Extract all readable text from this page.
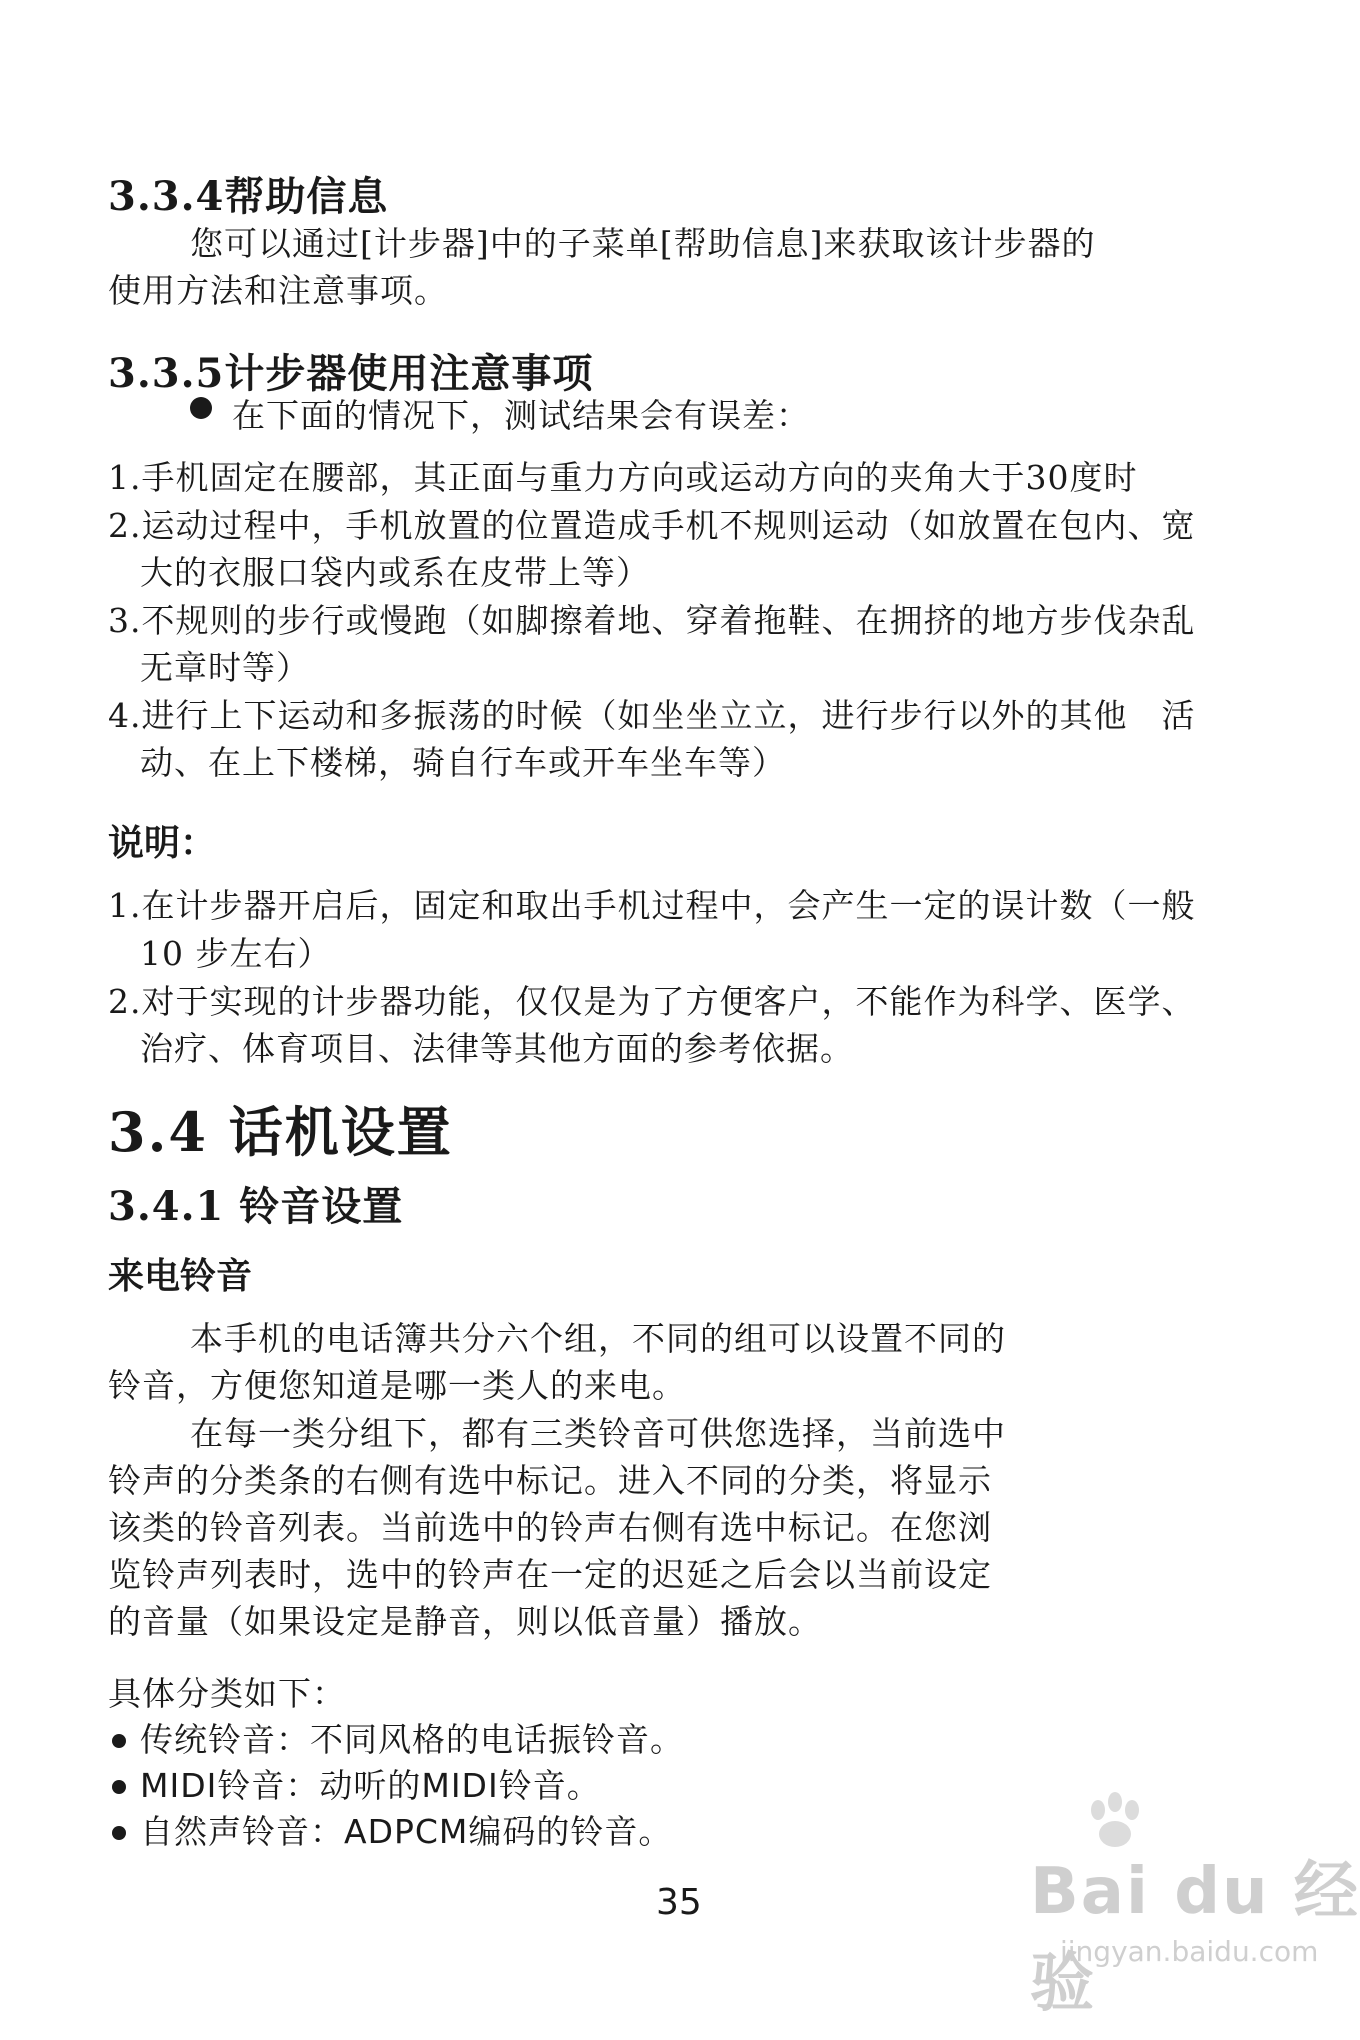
3.3.4帮助信息
您可以通过[计步器]中的子菜单[帮助信息]来获取该计步器的
使用方法和注意事项。
3.3.5计步器使用注意事项
在下面的情况下，测试结果会有误差：
1.手机固定在腰部，其正面与重力方向或运动方向的夹角大于30度时
2.运动过程中，手机放置的位置造成手机不规则运动（如放置在包内、宽
大的衣服口袋内或系在皮带上等）
3.不规则的步行或慢跑（如脚擦着地、穿着拖鞋、在拥挤的地方步伐杂乱
无章时等）
4.进行上下运动和多振荡的时候（如坐坐立立，进行步行以外的其他　活
动、在上下楼梯，骑自行车或开车坐车等）
说明：
1.在计步器开启后，固定和取出手机过程中，会产生一定的误计数（一般
10 步左右）
2.对于实现的计步器功能，仅仅是为了方便客户，不能作为科学、医学、
治疗、体育项目、法律等其他方面的参考依据。
3.4 话机设置
3.4.1 铃音设置
来电铃音
本手机的电话簿共分六个组，不同的组可以设置不同的
铃音，方便您知道是哪一类人的来电。
在每一类分组下，都有三类铃音可供您选择，当前选中
铃声的分类条的右侧有选中标记。进入不同的分类，将显示
该类的铃音列表。当前选中的铃声右侧有选中标记。在您浏
览铃声列表时，选中的铃声在一定的迟延之后会以当前设定
的音量（如果设定是静音，则以低音量）播放。
具体分类如下：
传统铃音：不同风格的电话振铃音。
MIDI铃音：动听的MIDI铃音。
自然声铃音：ADPCM编码的铃音。
35	Bai du 经验
jingyan.baidu.com
